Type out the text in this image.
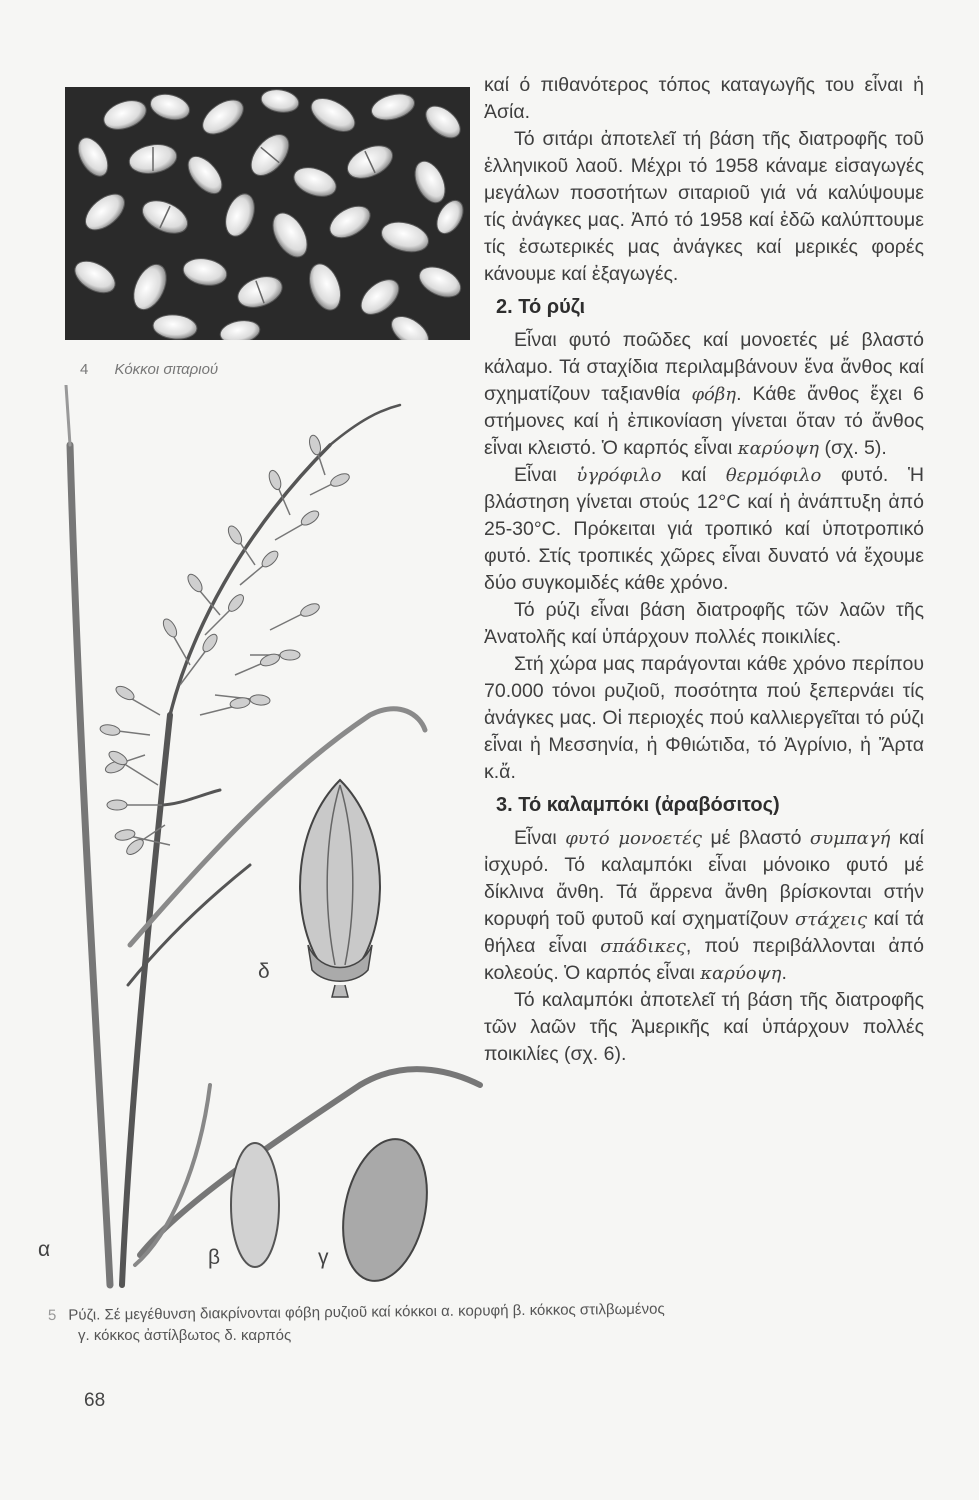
4 Κόκκοι σιταριού

καί ό πιθανότερος τόπος καταγωγῆς του εἶναι ἡ Ἀσία.

Τό σιτάρι ἀποτελεῖ τή βάση τῆς διατροφῆς τοῦ ἑλληνικοῦ λαοῦ. Μέχρι τό 1958 κάναμε εἰσαγωγές μεγάλων ποσοτήτων σιταριοῦ γιά νά καλύψουμε τίς ἀνάγκες μας. Ἀπό τό 1958 καί ἐδῶ καλύπτουμε τίς ἐσωτερικές μας ἀνάγκες καί μερικές φορές κάνουμε καί ἐξαγωγές.

2. Τό ρύζι

Εἶναι φυτό ποῶδες καί μονοετές μέ βλαστό κάλαμο. Τά σταχίδια περιλαμβάνουν ἕνα ἄνθος καί σχηματίζουν ταξιανθία φόβη. Κάθε ἄνθος ἔχει 6 στήμονες καί ἡ ἐπικονίαση γίνεται ὅταν τό ἄνθος εἶναι κλειστό. Ὁ καρπός εἶναι καρύοψη (σχ. 5).

Εἶναι ὑγρόφιλο καί θερμόφιλο φυτό. Ἡ βλάστηση γίνεται στούς 12°C καί ἡ ἀνάπτυξη ἀπό 25-30°C. Πρόκειται γιά τροπικό καί ὑποτροπικό φυτό. Στίς τροπικές χῶρες εἶναι δυνατό νά ἔχουμε δύο συγκομιδές κάθε χρόνο.

Τό ρύζι εἶναι βάση διατροφῆς τῶν λαῶν τῆς Ἀνατολῆς καί ὑπάρχουν πολλές ποικιλίες.

Στή χώρα μας παράγονται κάθε χρόνο περίπου 70.000 τόνοι ρυζιοῦ, ποσότητα πού ξεπερνάει τίς ἀνάγκες μας. Οἱ περιοχές πού καλλιεργεῖται τό ρύζι εἶναι ἡ Μεσσηνία, ἡ Φθιώτιδα, τό Ἀγρίνιο, ἡ Ἄρτα κ.ἄ.

3. Τό καλαμπόκι (ἀραβόσιτος)

Εἶναι φυτό μονοετές μέ βλαστό συμπαγή καί ἰσχυρό. Τό καλαμπόκι εἶναι μόνοικο φυτό μέ δίκλινα ἄνθη. Τά ἄρρενα ἄνθη βρίσκονται στήν κορυφή τοῦ φυτοῦ καί σχηματίζουν στάχεις καί τά θήλεα εἶναι σπάδικες, πού περιβάλλονται ἀπό κολεούς. Ὁ καρπός εἶναι καρύοψη.

Τό καλαμπόκι ἀποτελεῖ τή βάση τῆς διατροφῆς τῶν λαῶν τῆς Ἀμερικῆς καί ὑπάρχουν πολλές ποικιλίες (σχ. 6).

δ
α	β	γ
5 Ρύζι. Σέ μεγέθυνση διακρίνονται φόβη ρυζιοῦ καί κόκκοι α. κορυφή β. κόκκος στιλβωμένος
γ. κόκκος ἀστίλβωτος δ. καρπός
68
